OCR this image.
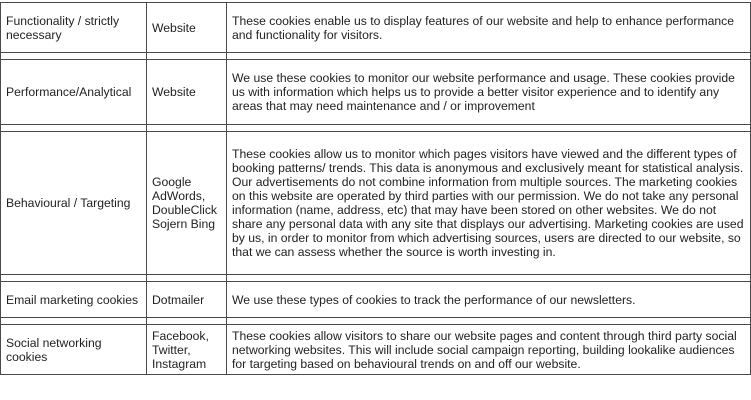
Functionality / strictly necessary	Website	These cookies enable us to display features of our website and help to enhance performance and functionality for visitors.

Performance/Analytical	Website	We use these cookies to monitor our website performance and usage. These cookies provide us with information which helps us to provide a better visitor experience and to identify any areas that may need maintenance and / or improvement

Behavioural / Targeting	Google AdWords, DoubleClick Sojern Bing	These cookies allow us to monitor which pages visitors have viewed and the different types of booking patterns/ trends. This data is anonymous and exclusively meant for statistical analysis. Our advertisements do not combine information from multiple sources. The marketing cookies on this website are operated by third parties with our permission. We do not take any personal information (name, address, etc) that may have been stored on other websites. We do not share any personal data with any site that displays our advertising. Marketing cookies are used by us, in order to monitor from which advertising sources, users are directed to our website, so that we can assess whether the source is worth investing in.

Email marketing cookies	Dotmailer	We use these types of cookies to track the performance of our newsletters.

Social networking cookies	Facebook, Twitter, Instagram	These cookies allow visitors to share our website pages and content through third party social networking websites. This will include social campaign reporting, building lookalike audiences for targeting based on behavioural trends on and off our website.
